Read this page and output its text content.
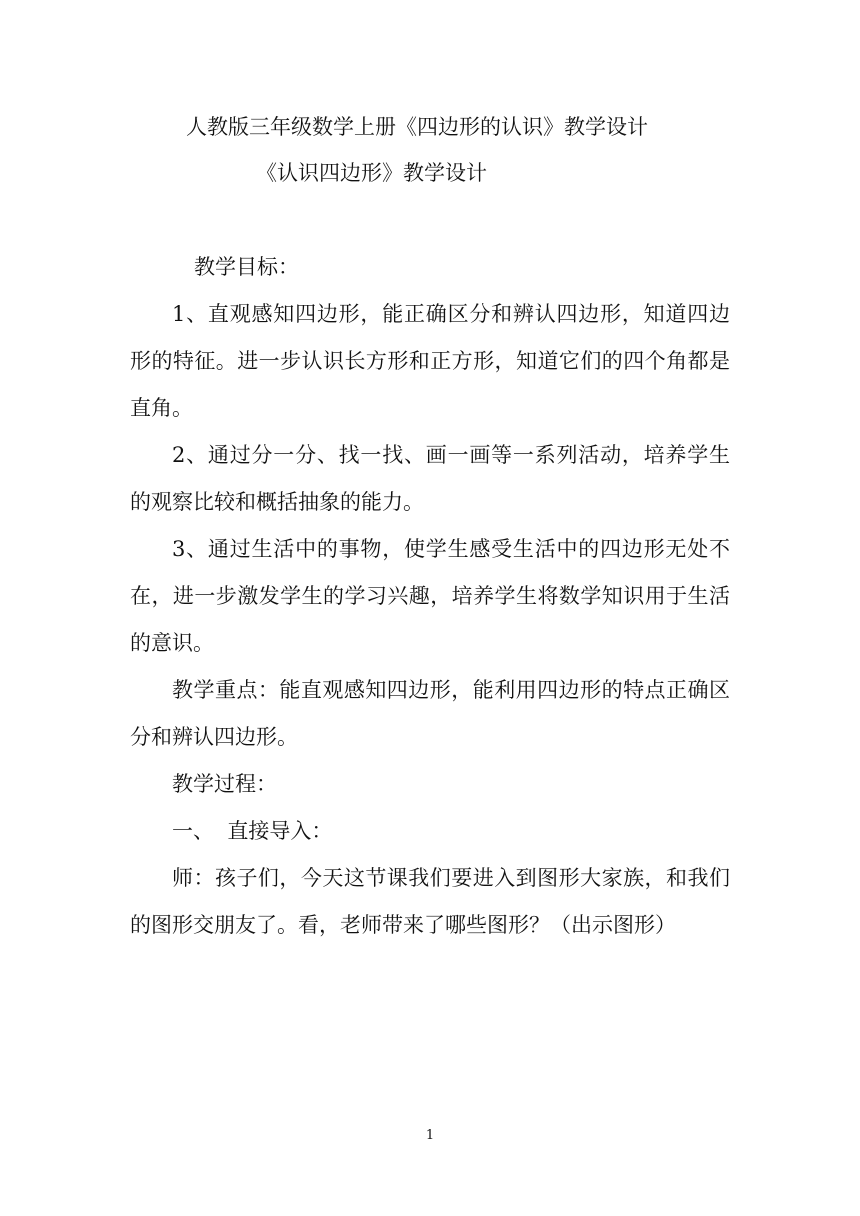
人教版三年级数学上册《四边形的认识》教学设计
《认识四边形》教学设计

教学目标：

1、直观感知四边形，能正确区分和辨认四边形，知道四边形的特征。进一步认识长方形和正方形，知道它们的四个角都是直角。

2、通过分一分、找一找、画一画等一系列活动，培养学生的观察比较和概括抽象的能力。

3、通过生活中的事物，使学生感受生活中的四边形无处不在，进一步激发学生的学习兴趣，培养学生将数学知识用于生活的意识。

教学重点：能直观感知四边形，能利用四边形的特点正确区分和辨认四边形。

教学过程：

一、  直接导入：

师：孩子们，今天这节课我们要进入到图形大家族，和我们的图形交朋友了。看，老师带来了哪些图形？（出示图形）

1
